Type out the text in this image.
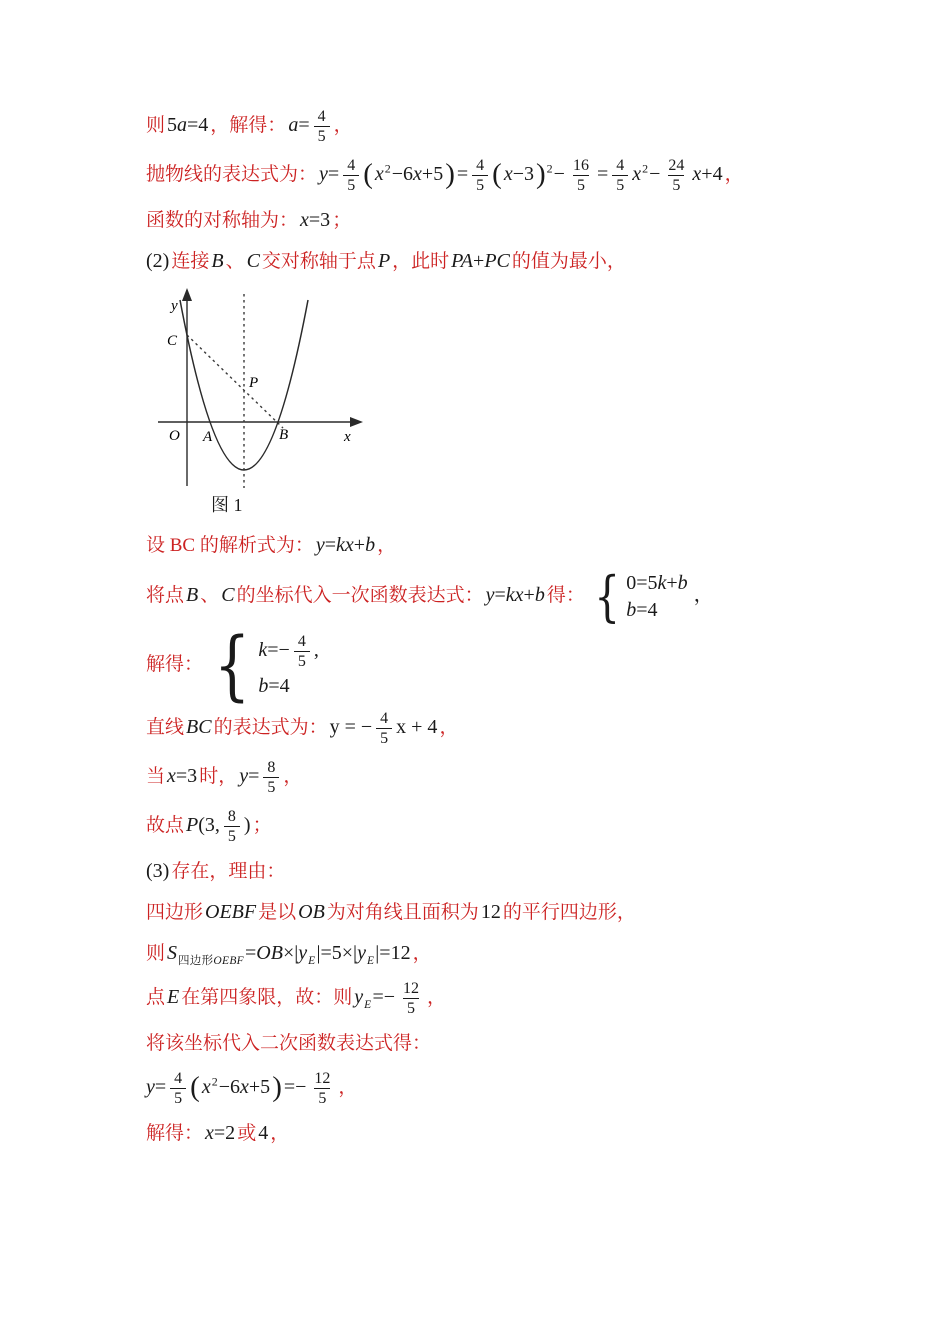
则 5a=4 ，解得： $a= \frac{4}{5}$ ，
抛物线的表达式为： $y= \frac{4}{5}$ ( $x^2-6x+5) = \frac{4}{5}$ ( $x-3)^2- \frac{16}{5} = \frac{4}{5} x^2- \frac{24}{5} x+4$ ，
函数的对称轴为： x=3 ；
(2) 连接 B 、 C 交对称轴于点 P ，此时 PA+PC 的值为最小，
y
C
P
O A	B	x
图 1
设 BC 的解析式为： y=kx+b ，
将点 B 、 C 的坐标代入一次函数表达式： y=kx+b 得： { 0=5k+b
b=4
，
解得： { $k=- \frac{4}{5}$ ,
b=4
直线 BC 的表达式为： y = − $\frac{4}{5}$ x + 4 ，
当 x=3 时， $y= \frac{8}{5}$ ，
故点 P(3, $\frac{8}{5}$ ) ；
(3) 存在，理由：
四边形 OEBF 是以 OB 为对角线且面积为 12 的平行四边形，
则 $S_{四边形OEBF}=OB\times|y_E|=5\times|y_E|=12$ ，
点 E 在第四象限，故：则 $y_E=- \frac{12}{5}$ ，
将该坐标代入二次函数表达式得：
$y= \frac{4}{5}$ ( $x^2-6x+5) =- \frac{12}{5}$ ，
解得： x=2 或 4 ，
